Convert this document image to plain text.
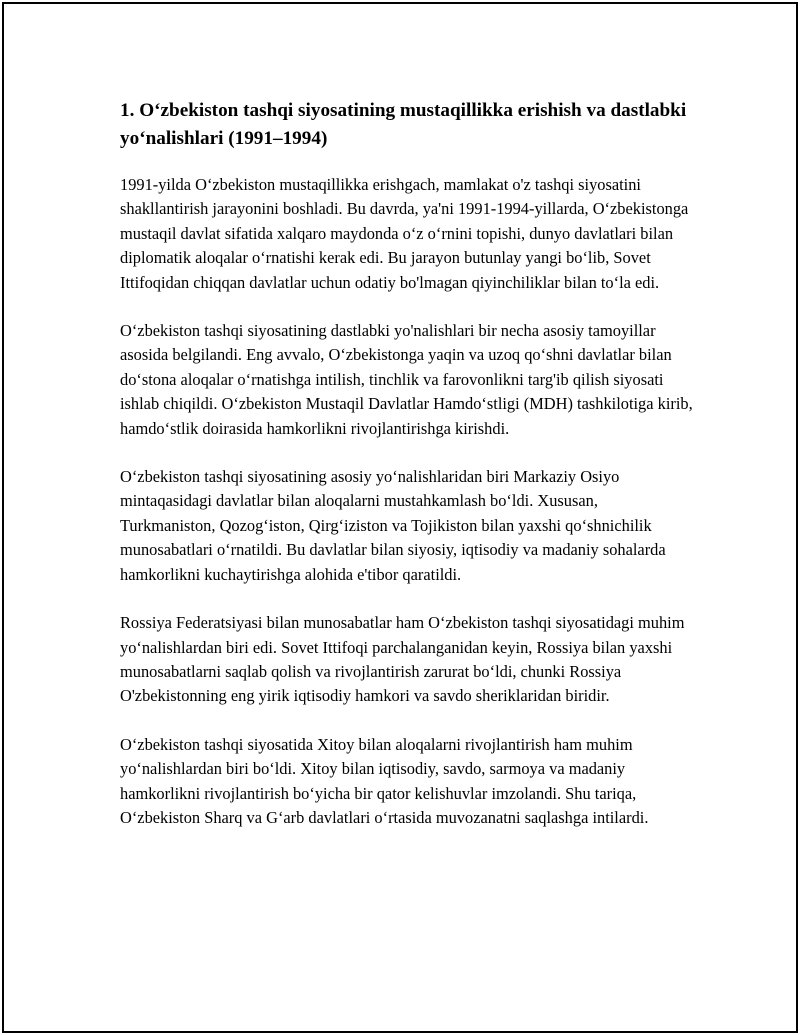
1. O‘zbekiston tashqi siyosatining mustaqillikka erishish va dastlabki yo‘nalishlari (1991–1994)

1991-yilda O‘zbekiston mustaqillikka erishgach, mamlakat o'z tashqi siyosatini shakllantirish jarayonini boshladi. Bu davrda, ya'ni 1991-1994-yillarda, O‘zbekistonga mustaqil davlat sifatida xalqaro maydonda o‘z o‘rnini topishi, dunyo davlatlari bilan diplomatik aloqalar o‘rnatishi kerak edi. Bu jarayon butunlay yangi bo‘lib, Sovet Ittifoqidan chiqqan davlatlar uchun odatiy bo'lmagan qiyinchiliklar bilan to‘la edi.

O‘zbekiston tashqi siyosatining dastlabki yo'nalishlari bir necha asosiy tamoyillar asosida belgilandi. Eng avvalo, O‘zbekistonga yaqin va uzoq qo‘shni davlatlar bilan do‘stona aloqalar o‘rnatishga intilish, tinchlik va farovonlikni targ'ib qilish siyosati ishlab chiqildi. O‘zbekiston Mustaqil Davlatlar Hamdo‘stligi (MDH) tashkilotiga kirib, hamdo‘stlik doirasida hamkorlikni rivojlantirishga kirishdi.

O‘zbekiston tashqi siyosatining asosiy yo‘nalishlaridan biri Markaziy Osiyo mintaqasidagi davlatlar bilan aloqalarni mustahkamlash bo‘ldi. Xususan, Turkmaniston, Qozog‘iston, Qirg‘iziston va Tojikiston bilan yaxshi qo‘shnichilik munosabatlari o‘rnatildi. Bu davlatlar bilan siyosiy, iqtisodiy va madaniy sohalarda hamkorlikni kuchaytirishga alohida e'tibor qaratildi.

Rossiya Federatsiyasi bilan munosabatlar ham O‘zbekiston tashqi siyosatidagi muhim yo‘nalishlardan biri edi. Sovet Ittifoqi parchalanganidan keyin, Rossiya bilan yaxshi munosabatlarni saqlab qolish va rivojlantirish zarurat bo‘ldi, chunki Rossiya O'zbekistonning eng yirik iqtisodiy hamkori va savdo sheriklaridan biridir.

O‘zbekiston tashqi siyosatida Xitoy bilan aloqalarni rivojlantirish ham muhim yo‘nalishlardan biri bo‘ldi. Xitoy bilan iqtisodiy, savdo, sarmoya va madaniy hamkorlikni rivojlantirish bo‘yicha bir qator kelishuvlar imzolandi. Shu tariqa, O‘zbekiston Sharq va G‘arb davlatlari o‘rtasida muvozanatni saqlashga intilardi.
